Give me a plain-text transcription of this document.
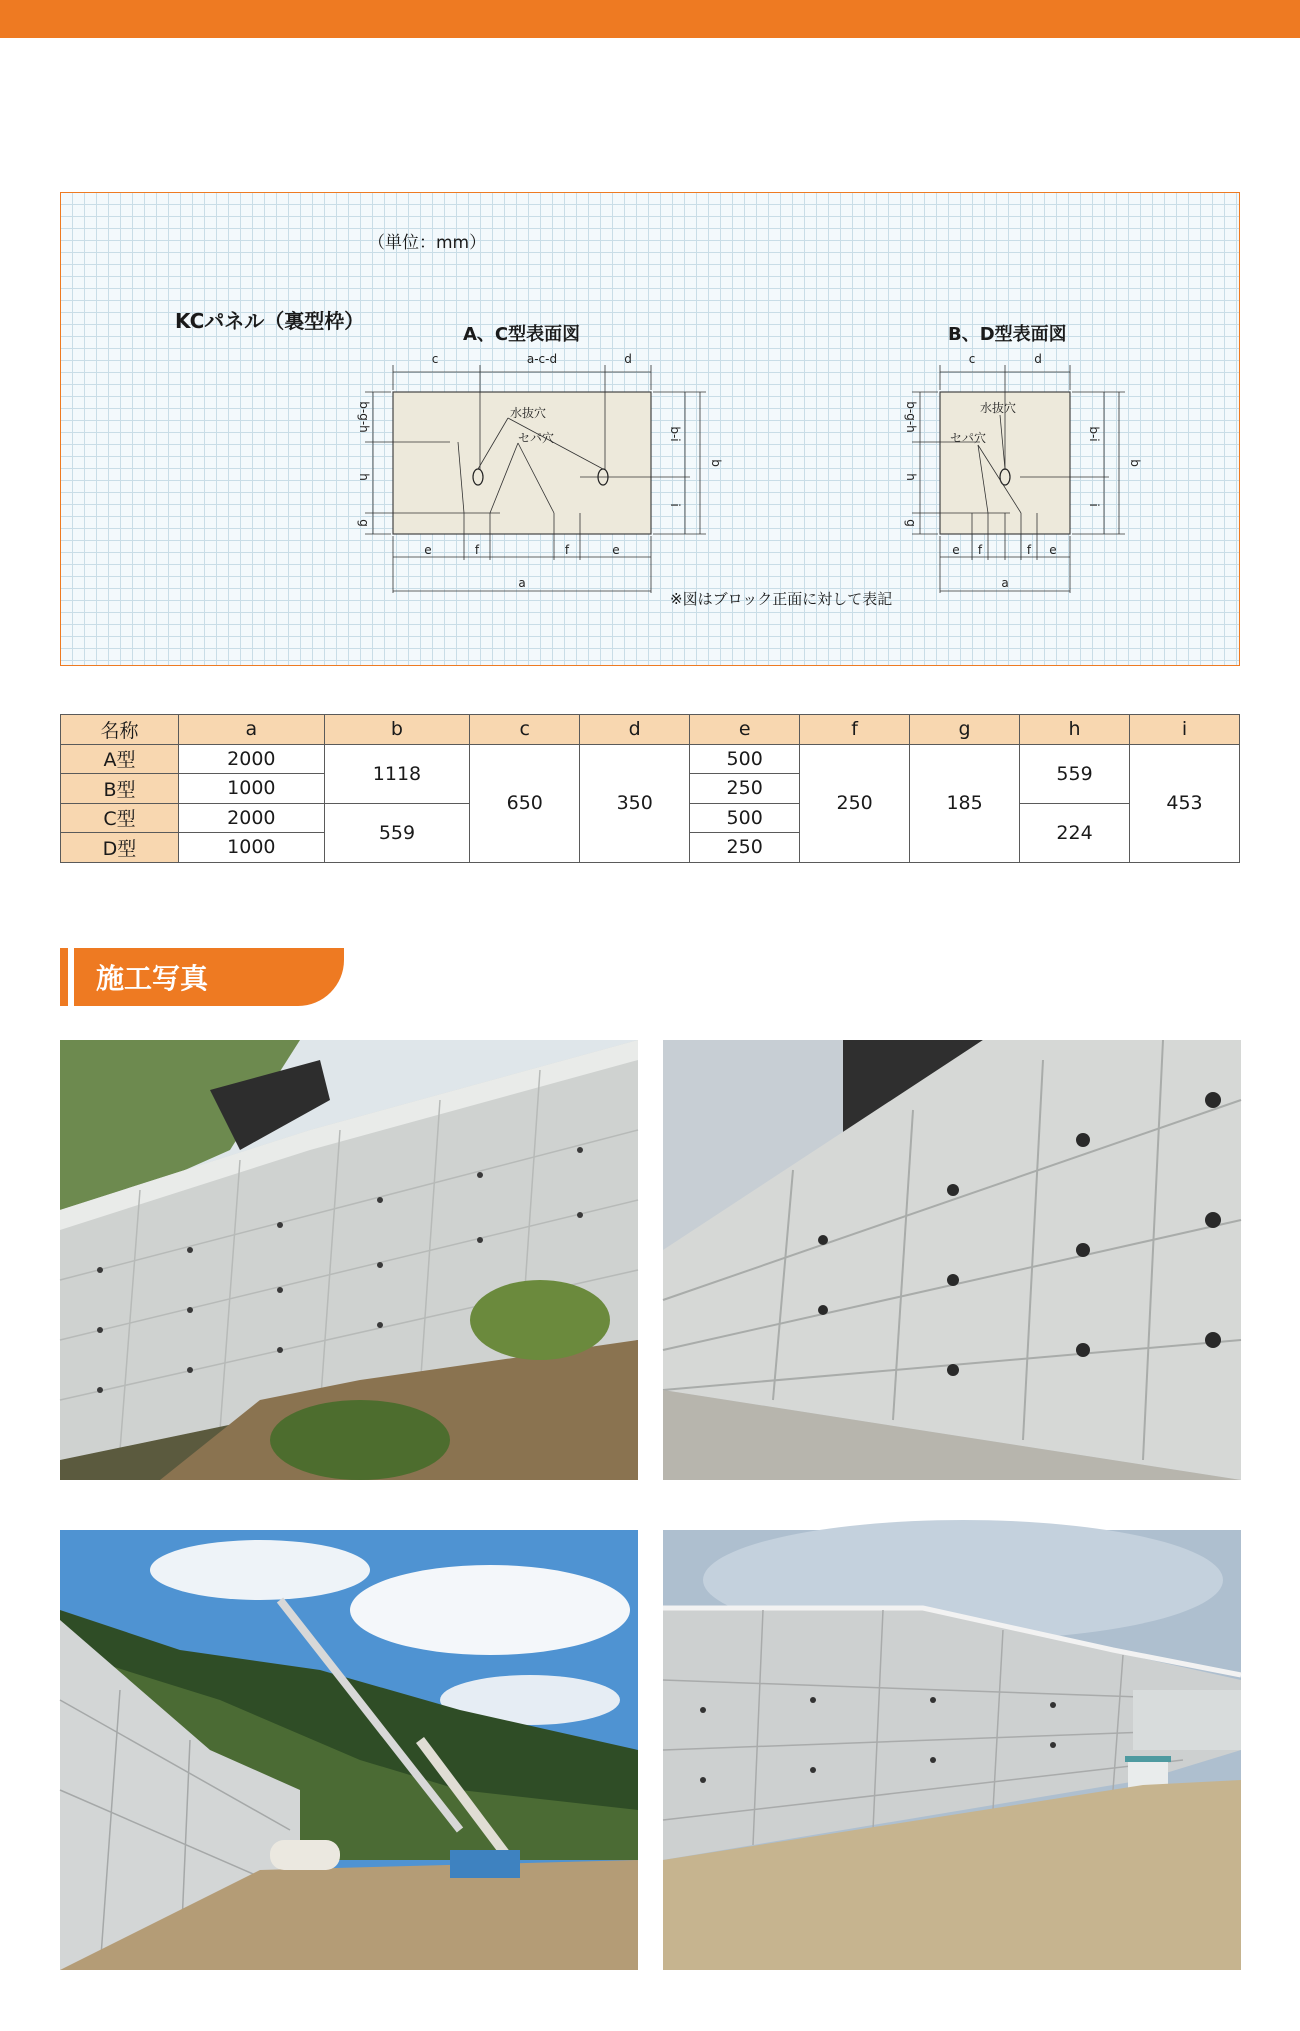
（単位：mm）
KCパネル（裏型枠）
A、C型表面図	B、D型表面図
c	a-c-d	d
水抜穴
セパ穴
b-g-h
h
g
b-i
i
b
e	f	f	e
a
c	d
水抜穴
セパ穴
b-g-h
h
g
b-i
i
b
e f	f e
a
※図はブロック正面に対して表記
名称	a	b	c	d	e	f	g	h	i
A型	2000	1118	650	350	500	250	185	559	453
B型	1000				250				
C型	2000	559			500			224	
D型	1000				250				
施工写真
